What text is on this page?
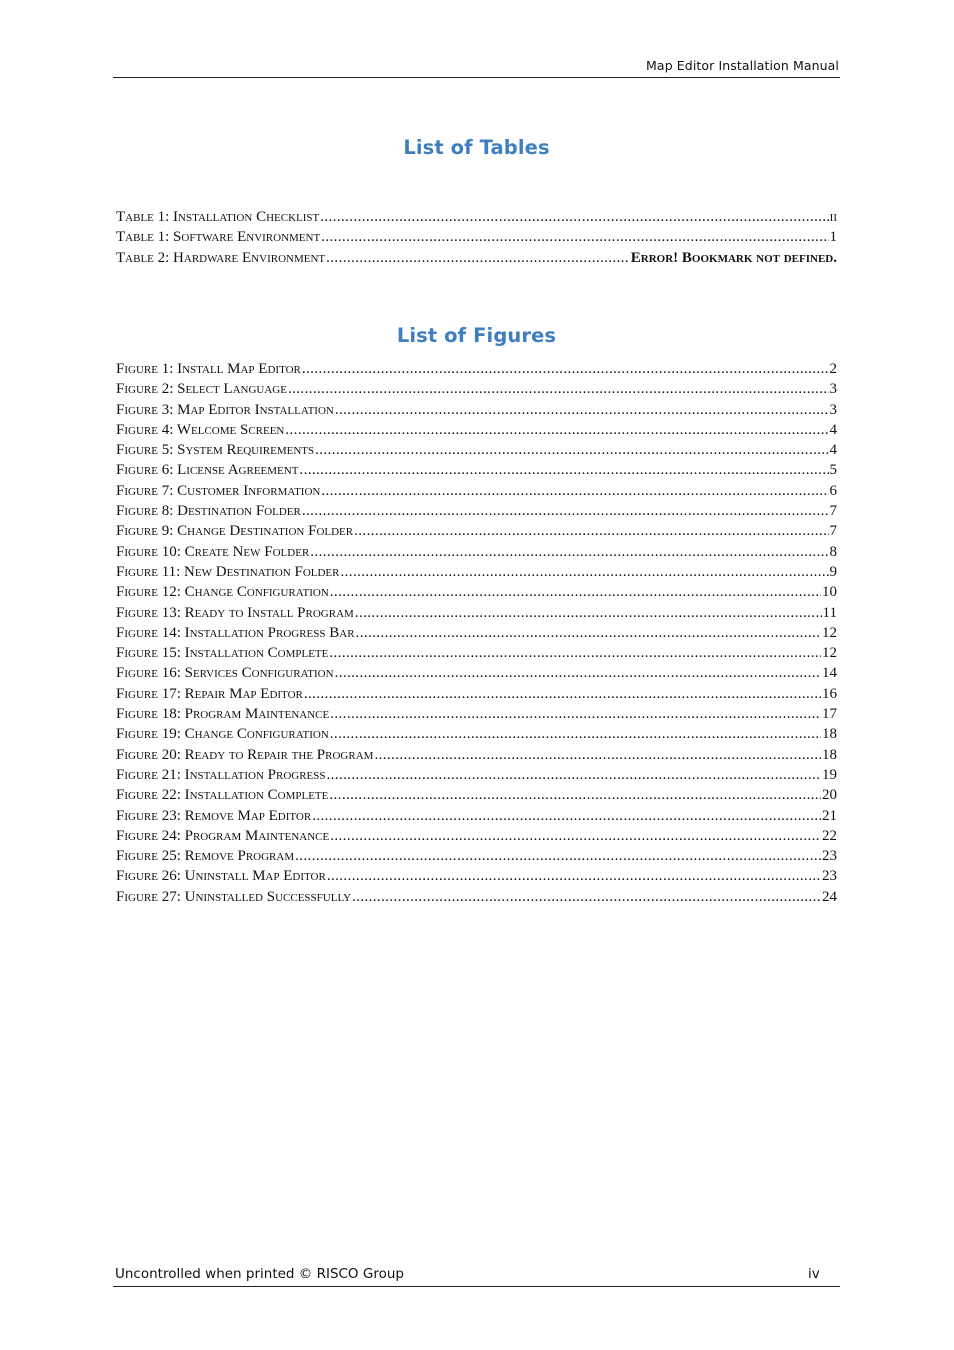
Map Editor Installation Manual
List of Tables
Table 1: Installation Checklist .....	ii
Table 1: Software Environment .....	1
Table 2: Hardware Environment .....	Error! Bookmark not defined.
List of Figures
Figure 1: Install Map Editor .....	2
Figure 2: Select Language .....	3
Figure 3: Map Editor Installation .....	3
Figure 4: Welcome Screen .....	4
Figure 5: System Requirements .....	4
Figure 6: License Agreement .....	5
Figure 7: Customer Information .....	6
Figure 8: Destination Folder .....	7
Figure 9: Change Destination Folder .....	7
Figure 10: Create New Folder .....	8
Figure 11: New Destination Folder .....	9
Figure 12: Change Configuration .....	10
Figure 13: Ready to Install Program .....	11
Figure 14: Installation Progress Bar .....	12
Figure 15: Installation Complete .....	12
Figure 16: Services Configuration .....	14
Figure 17: Repair Map Editor .....	16
Figure 18: Program Maintenance .....	17
Figure 19: Change Configuration .....	18
Figure 20: Ready to Repair the Program .....	18
Figure 21: Installation Progress .....	19
Figure 22: Installation Complete .....	20
Figure 23: Remove Map Editor .....	21
Figure 24: Program Maintenance .....	22
Figure 25: Remove Program .....	23
Figure 26: Uninstall Map Editor .....	23
Figure 27: Uninstalled Successfully .....	24
Uncontrolled when printed © RISCO Group	iv
